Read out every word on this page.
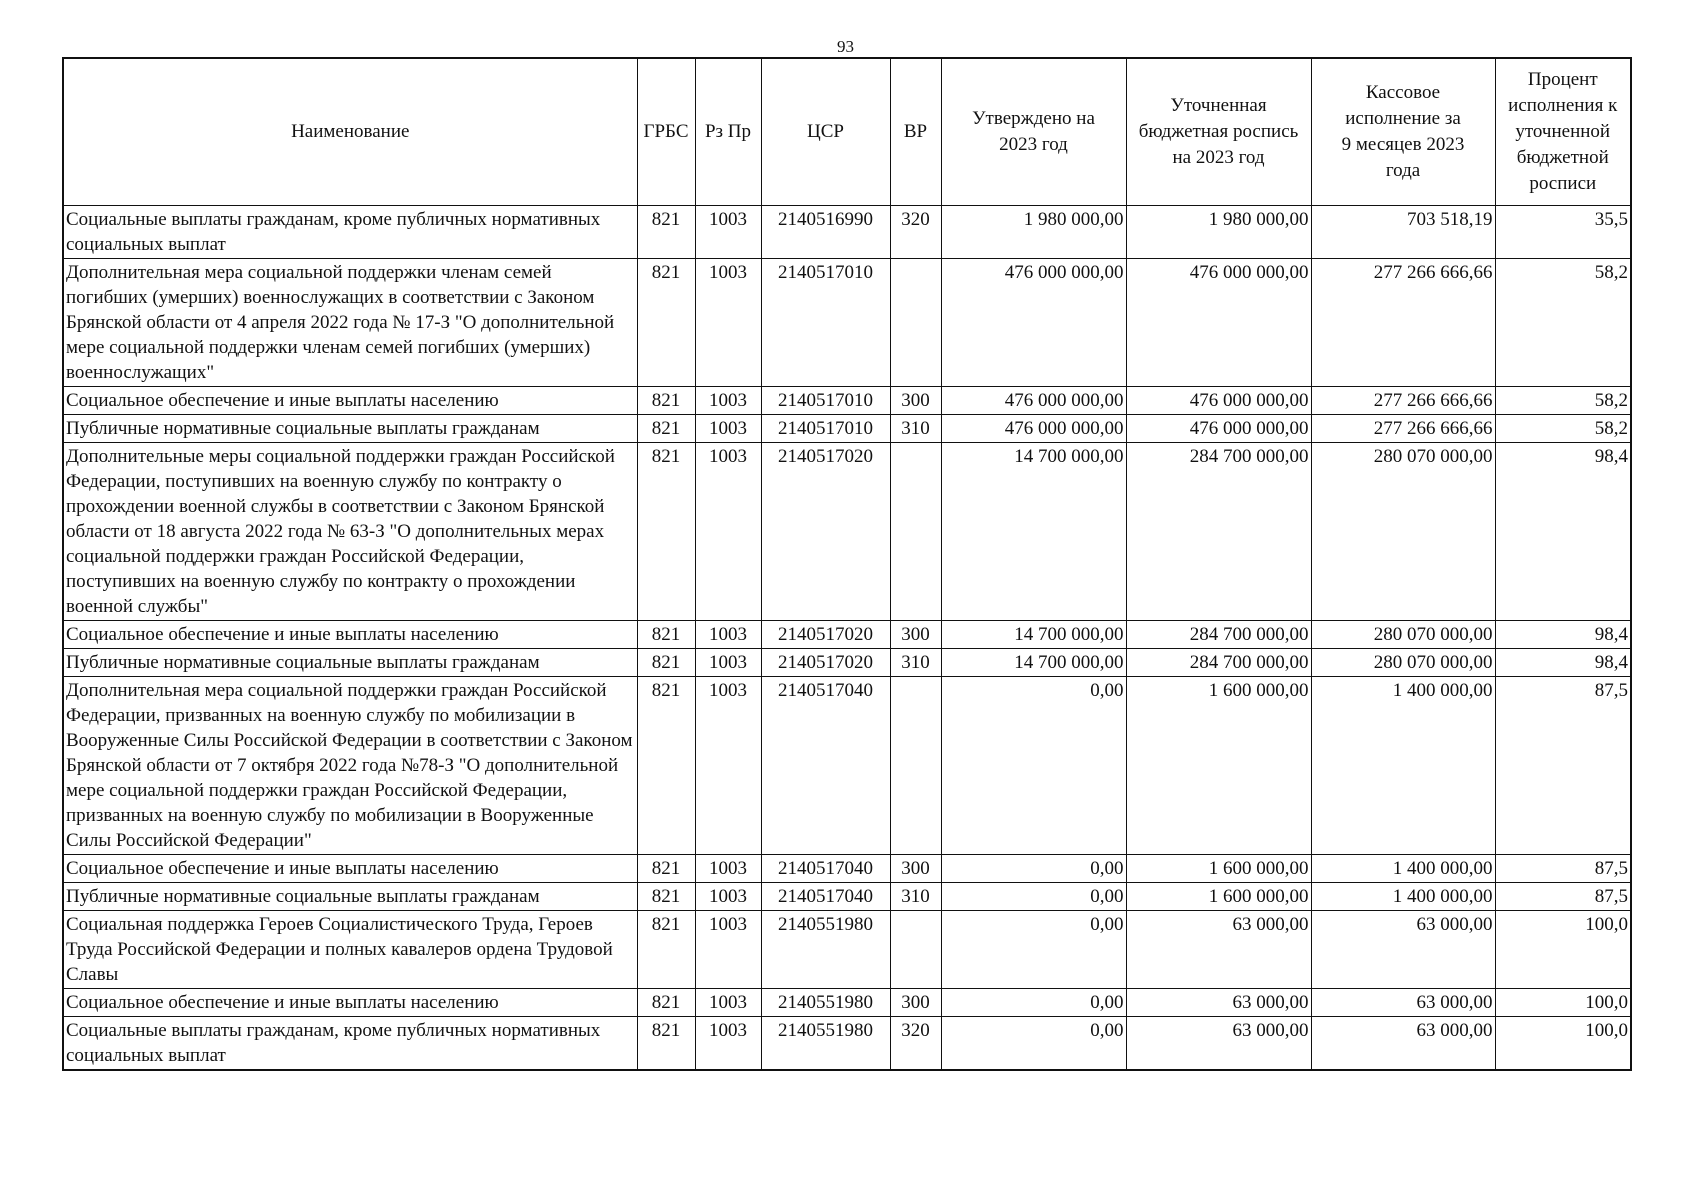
93
Наименование	ГРБС	Рз Пр	ЦСР	ВР	Утверждено на 2023 год	Уточненная бюджетная роспись на 2023 год	Кассовое исполнение за 9 месяцев 2023 года	Процент исполнения к уточненной бюджетной росписи
Социальные выплаты гражданам, кроме публичных нормативных социальных выплат	821	1003	2140516990	320	1 980 000,00	1 980 000,00	703 518,19	35,5
Дополнительная мера социальной поддержки членам семей погибших (умерших) военнослужащих в соответствии с Законом Брянской области от 4 апреля 2022 года № 17-З "О дополнительной мере социальной поддержки членам семей погибших (умерших) военнослужащих"	821	1003	2140517010		476 000 000,00	476 000 000,00	277 266 666,66	58,2
Социальное обеспечение и иные выплаты населению	821	1003	2140517010	300	476 000 000,00	476 000 000,00	277 266 666,66	58,2
Публичные нормативные социальные выплаты гражданам	821	1003	2140517010	310	476 000 000,00	476 000 000,00	277 266 666,66	58,2
Дополнительные меры социальной поддержки граждан Российской Федерации, поступивших на военную службу по контракту о прохождении военной службы в соответствии с Законом Брянской области от 18 августа 2022 года № 63-З "О дополнительных мерах социальной поддержки граждан Российской Федерации, поступивших на военную службу по контракту о прохождении военной службы"	821	1003	2140517020		14 700 000,00	284 700 000,00	280 070 000,00	98,4
Социальное обеспечение и иные выплаты населению	821	1003	2140517020	300	14 700 000,00	284 700 000,00	280 070 000,00	98,4
Публичные нормативные социальные выплаты гражданам	821	1003	2140517020	310	14 700 000,00	284 700 000,00	280 070 000,00	98,4
Дополнительная мера социальной поддержки граждан Российской Федерации, призванных на военную службу по мобилизации в Вооруженные Силы Российской Федерации в соответствии с Законом Брянской области от 7 октября 2022 года №78-З "О дополнительной мере социальной поддержки граждан Российской Федерации, призванных на военную службу по мобилизации в Вооруженные Силы Российской Федерации"	821	1003	2140517040		0,00	1 600 000,00	1 400 000,00	87,5
Социальное обеспечение и иные выплаты населению	821	1003	2140517040	300	0,00	1 600 000,00	1 400 000,00	87,5
Публичные нормативные социальные выплаты гражданам	821	1003	2140517040	310	0,00	1 600 000,00	1 400 000,00	87,5
Социальная поддержка Героев Социалистического Труда, Героев Труда Российской Федерации и полных кавалеров ордена Трудовой Славы	821	1003	2140551980		0,00	63 000,00	63 000,00	100,0
Социальное обеспечение и иные выплаты населению	821	1003	2140551980	300	0,00	63 000,00	63 000,00	100,0
Социальные выплаты гражданам, кроме публичных нормативных социальных выплат	821	1003	2140551980	320	0,00	63 000,00	63 000,00	100,0
